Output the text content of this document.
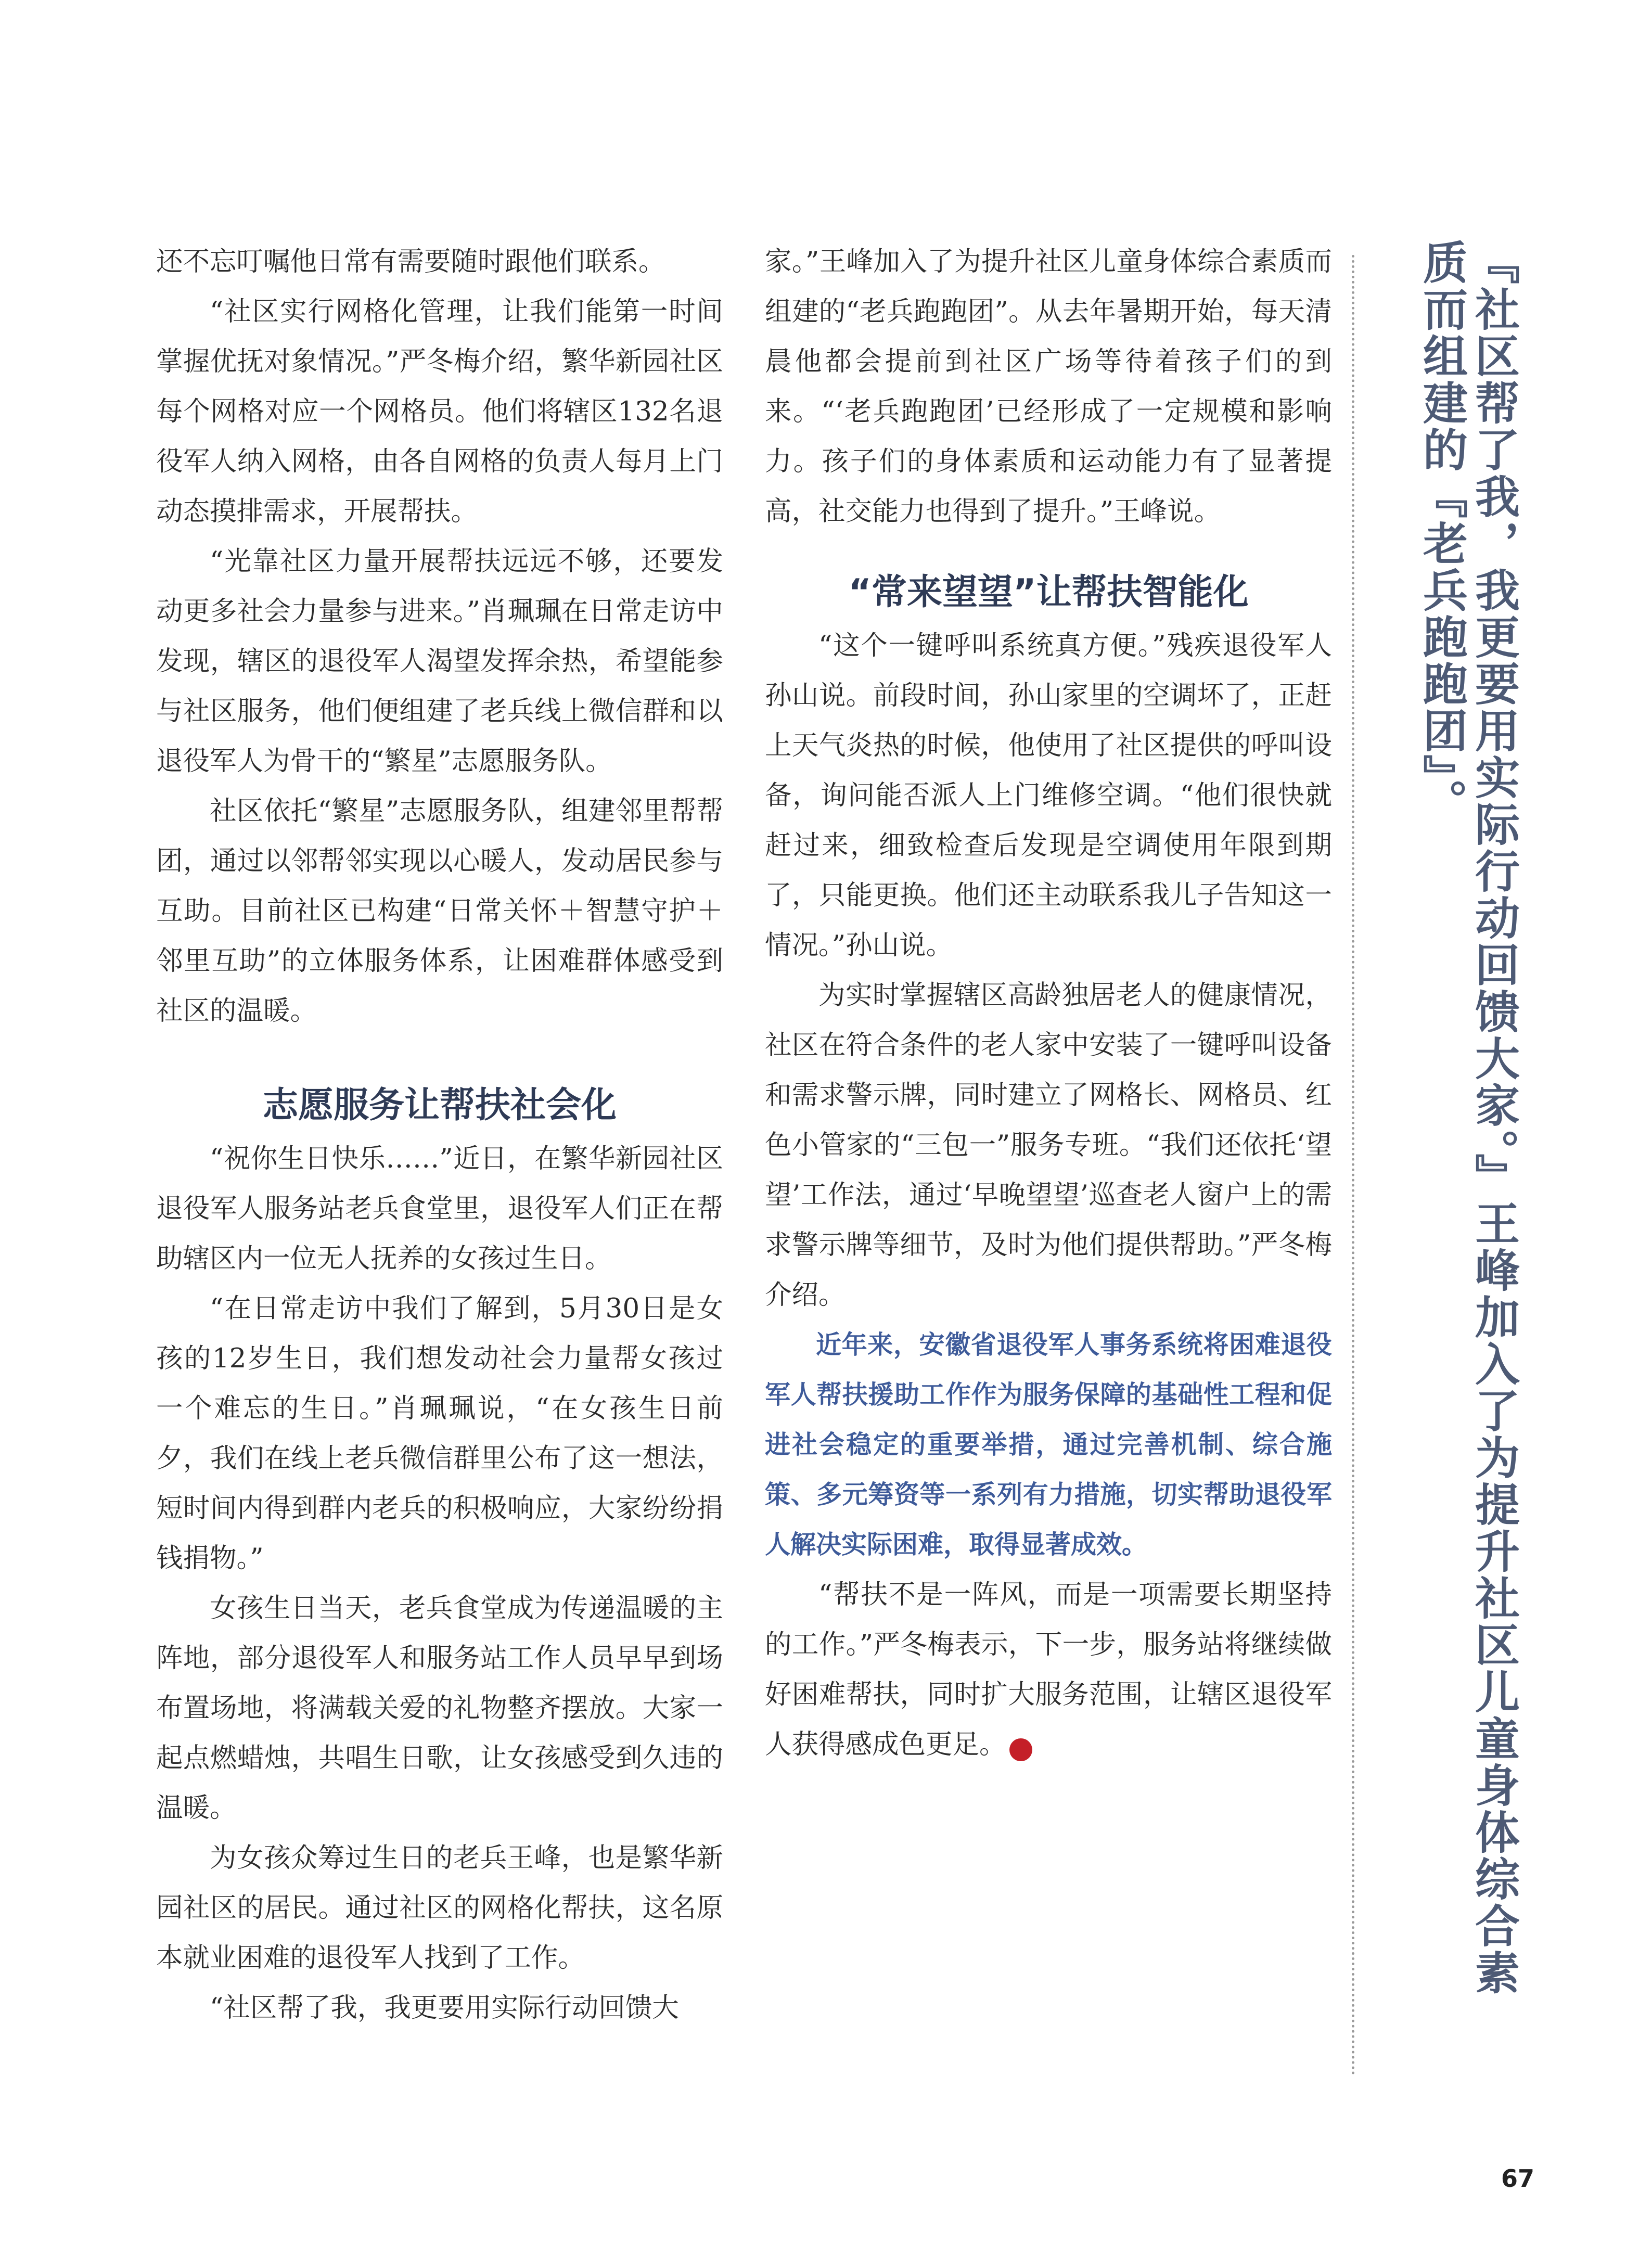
还不忘叮嘱他日常有需要随时跟他们联系。

“社区实行网格化管理，让我们能第一时间掌握优抚对象情况。”严冬梅介绍，繁华新园社区每个网格对应一个网格员。他们将辖区132名退役军人纳入网格，由各自网格的负责人每月上门动态摸排需求，开展帮扶。

“光靠社区力量开展帮扶远远不够，还要发动更多社会力量参与进来。”肖珮珮在日常走访中发现，辖区的退役军人渴望发挥余热，希望能参与社区服务，他们便组建了老兵线上微信群和以退役军人为骨干的“繁星”志愿服务队。

社区依托“繁星”志愿服务队，组建邻里帮帮团，通过以邻帮邻实现以心暖人，发动居民参与互助。目前社区已构建“日常关怀＋智慧守护＋邻里互助”的立体服务体系，让困难群体感受到社区的温暖。

志愿服务让帮扶社会化

“祝你生日快乐……”近日，在繁华新园社区退役军人服务站老兵食堂里，退役军人们正在帮助辖区内一位无人抚养的女孩过生日。

“在日常走访中我们了解到，5月30日是女孩的12岁生日，我们想发动社会力量帮女孩过一个难忘的生日。”肖珮珮说，“在女孩生日前夕，我们在线上老兵微信群里公布了这一想法，短时间内得到群内老兵的积极响应，大家纷纷捐钱捐物。”

女孩生日当天，老兵食堂成为传递温暖的主阵地，部分退役军人和服务站工作人员早早到场布置场地，将满载关爱的礼物整齐摆放。大家一起点燃蜡烛，共唱生日歌，让女孩感受到久违的温暖。

为女孩众筹过生日的老兵王峰，也是繁华新园社区的居民。通过社区的网格化帮扶，这名原本就业困难的退役军人找到了工作。

“社区帮了我，我更要用实际行动回馈大

家。”王峰加入了为提升社区儿童身体综合素质而组建的“老兵跑跑团”。从去年暑期开始，每天清晨他都会提前到社区广场等待着孩子们的到来。“‘老兵跑跑团’已经形成了一定规模和影响力。孩子们的身体素质和运动能力有了显著提高，社交能力也得到了提升。”王峰说。

“常来望望”让帮扶智能化

“这个一键呼叫系统真方便。”残疾退役军人孙山说。前段时间，孙山家里的空调坏了，正赶上天气炎热的时候，他使用了社区提供的呼叫设备，询问能否派人上门维修空调。“他们很快就赶过来，细致检查后发现是空调使用年限到期了，只能更换。他们还主动联系我儿子告知这一情况。”孙山说。

为实时掌握辖区高龄独居老人的健康情况，社区在符合条件的老人家中安装了一键呼叫设备和需求警示牌，同时建立了网格长、网格员、红色小管家的“三包一”服务专班。“我们还依托‘望望’工作法，通过‘早晚望望’巡查老人窗户上的需求警示牌等细节，及时为他们提供帮助。”严冬梅介绍。

近年来，安徽省退役军人事务系统将困难退役军人帮扶援助工作作为服务保障的基础性工程和促进社会稳定的重要举措，通过完善机制、综合施策、多元筹资等一系列有力措施，切实帮助退役军人解决实际困难，取得显著成效。

“帮扶不是一阵风，而是一项需要长期坚持的工作。”严冬梅表示，下一步，服务站将继续做好困难帮扶，同时扩大服务范围，让辖区退役军人获得感成色更足。	N	『社区帮了我，我更要用实际行动回馈大家。』王峰加入了为提升社区儿童身体综合素质而组建的『老兵跑跑团』。
67
